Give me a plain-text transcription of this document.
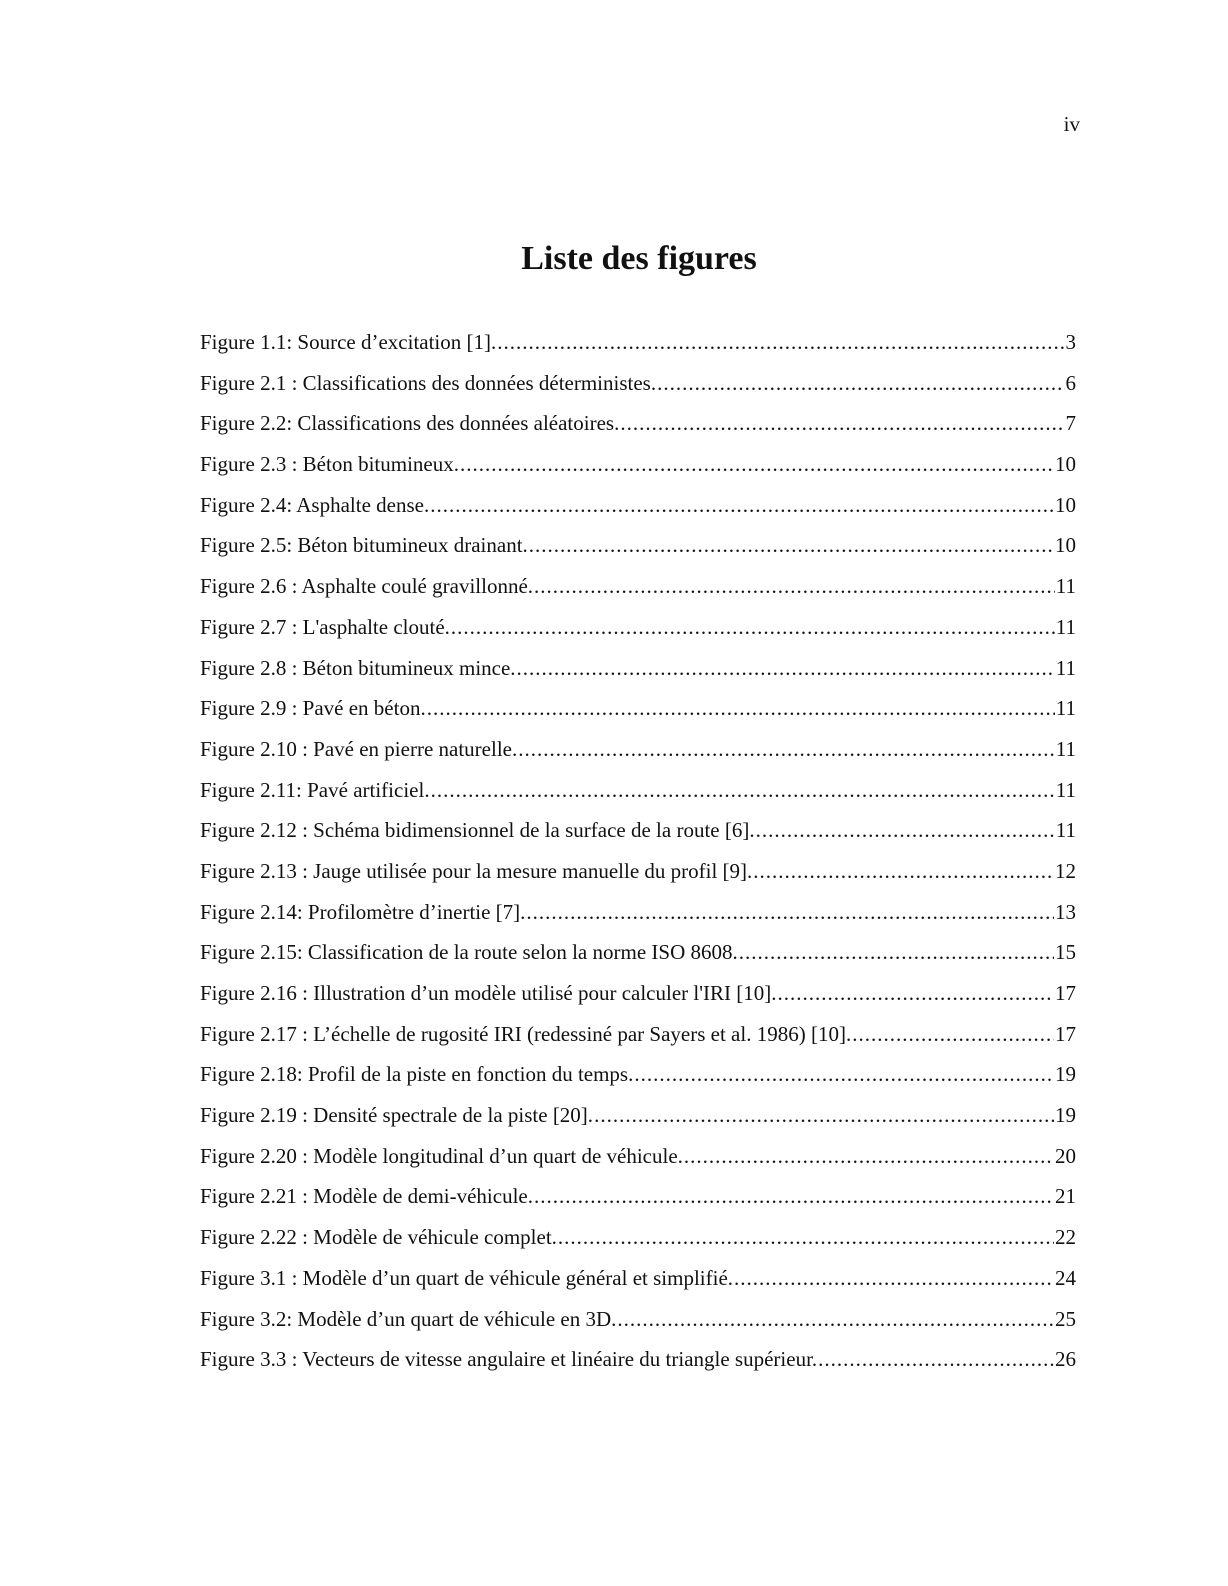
iv
Liste des figures
Figure 1.1: Source d’excitation [1]. .....	3
Figure 2.1 : Classifications des données déterministes. .....	6
Figure 2.2: Classifications des données aléatoires. .....	7
Figure 2.3 : Béton bitumineux. .....	10
Figure 2.4: Asphalte dense. .....	10
Figure 2.5: Béton bitumineux drainant. .....	10
Figure 2.6 : Asphalte coulé gravillonné. .....	11
Figure 2.7 : L'asphalte clouté. .....	11
Figure 2.8 : Béton bitumineux mince. .....	11
Figure 2.9 : Pavé en béton. .....	11
Figure 2.10 : Pavé en pierre naturelle. .....	11
Figure 2.11: Pavé artificiel. .....	11
Figure 2.12 : Schéma bidimensionnel de la surface de la route [6]. .....	11
Figure 2.13 : Jauge utilisée pour la mesure manuelle du profil [9]. .....	12
Figure 2.14: Profilomètre d’inertie [7]. .....	13
Figure 2.15: Classification de la route selon la norme ISO 8608. .....	15
Figure 2.16 : Illustration d’un modèle utilisé pour calculer l'IRI [10]. .....	17
Figure 2.17 : L’échelle de rugosité IRI (redessiné par Sayers et al. 1986) [10]. .....	17
Figure 2.18: Profil de la piste en fonction du temps. .....	19
Figure 2.19 : Densité spectrale de la piste [20]. .....	19
Figure 2.20 : Modèle longitudinal d’un quart de véhicule. .....	20
Figure 2.21 : Modèle de demi-véhicule. .....	21
Figure 2.22 : Modèle de véhicule complet. .....	22
Figure 3.1 : Modèle d’un quart de véhicule général et simplifié. .....	24
Figure 3.2: Modèle d’un quart de véhicule en 3D. .....	25
Figure 3.3 : Vecteurs de vitesse angulaire et linéaire du triangle supérieur. .....	26
